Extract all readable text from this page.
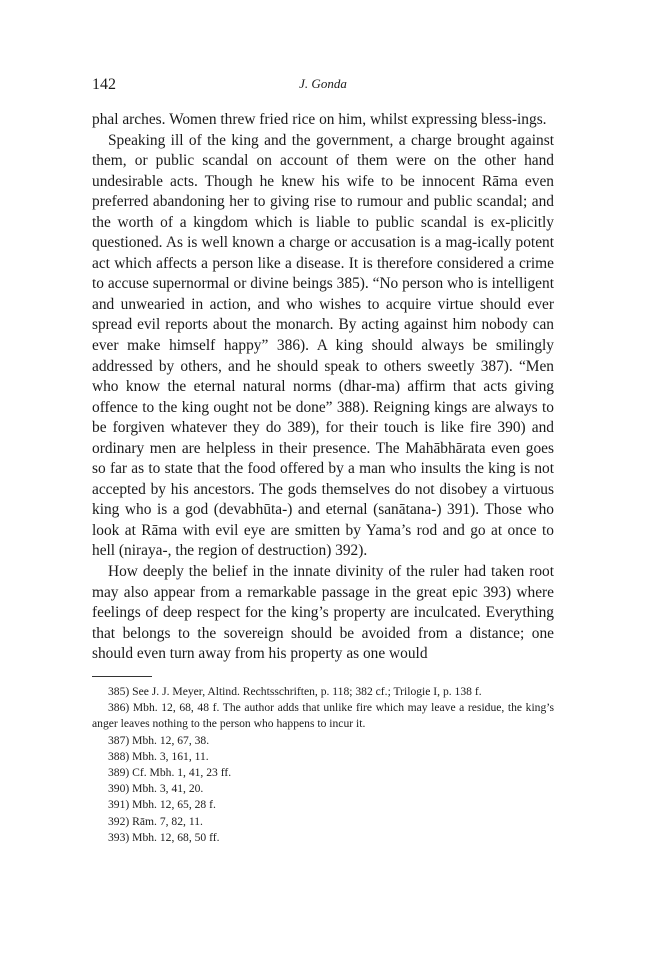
142	J. Gonda

phal arches. Women threw fried rice on him, whilst expressing bless-ings.

Speaking ill of the king and the government, a charge brought against them, or public scandal on account of them were on the other hand undesirable acts. Though he knew his wife to be innocent Rāma even preferred abandoning her to giving rise to rumour and public scandal; and the worth of a kingdom which is liable to public scandal is ex-plicitly questioned. As is well known a charge or accusation is a mag-ically potent act which affects a person like a disease. It is therefore considered a crime to accuse supernormal or divine beings 385). “No person who is intelligent and unwearied in action, and who wishes to acquire virtue should ever spread evil reports about the monarch. By acting against him nobody can ever make himself happy” 386). A king should always be smilingly addressed by others, and he should speak to others sweetly 387). “Men who know the eternal natural norms (dhar-ma) affirm that acts giving offence to the king ought not be done” 388). Reigning kings are always to be forgiven whatever they do 389), for their touch is like fire 390) and ordinary men are helpless in their presence. The Mahābhārata even goes so far as to state that the food offered by a man who insults the king is not accepted by his ancestors. The gods themselves do not disobey a virtuous king who is a god (devabhūta-) and eternal (sanātana-) 391). Those who look at Rāma with evil eye are smitten by Yama’s rod and go at once to hell (niraya-, the region of destruction) 392).

How deeply the belief in the innate divinity of the ruler had taken root may also appear from a remarkable passage in the great epic 393) where feelings of deep respect for the king’s property are inculcated. Everything that belongs to the sovereign should be avoided from a distance; one should even turn away from his property as one would

385) See J. J. Meyer, Altind. Rechtsschriften, p. 118; 382 cf.; Trilogie I, p. 138 f.

386) Mbh. 12, 68, 48 f. The author adds that unlike fire which may leave a residue, the king’s anger leaves nothing to the person who happens to incur it.

387) Mbh. 12, 67, 38.

388) Mbh. 3, 161, 11.

389) Cf. Mbh. 1, 41, 23 ff.

390) Mbh. 3, 41, 20.

391) Mbh. 12, 65, 28 f.

392) Rām. 7, 82, 11.

393) Mbh. 12, 68, 50 ff.
